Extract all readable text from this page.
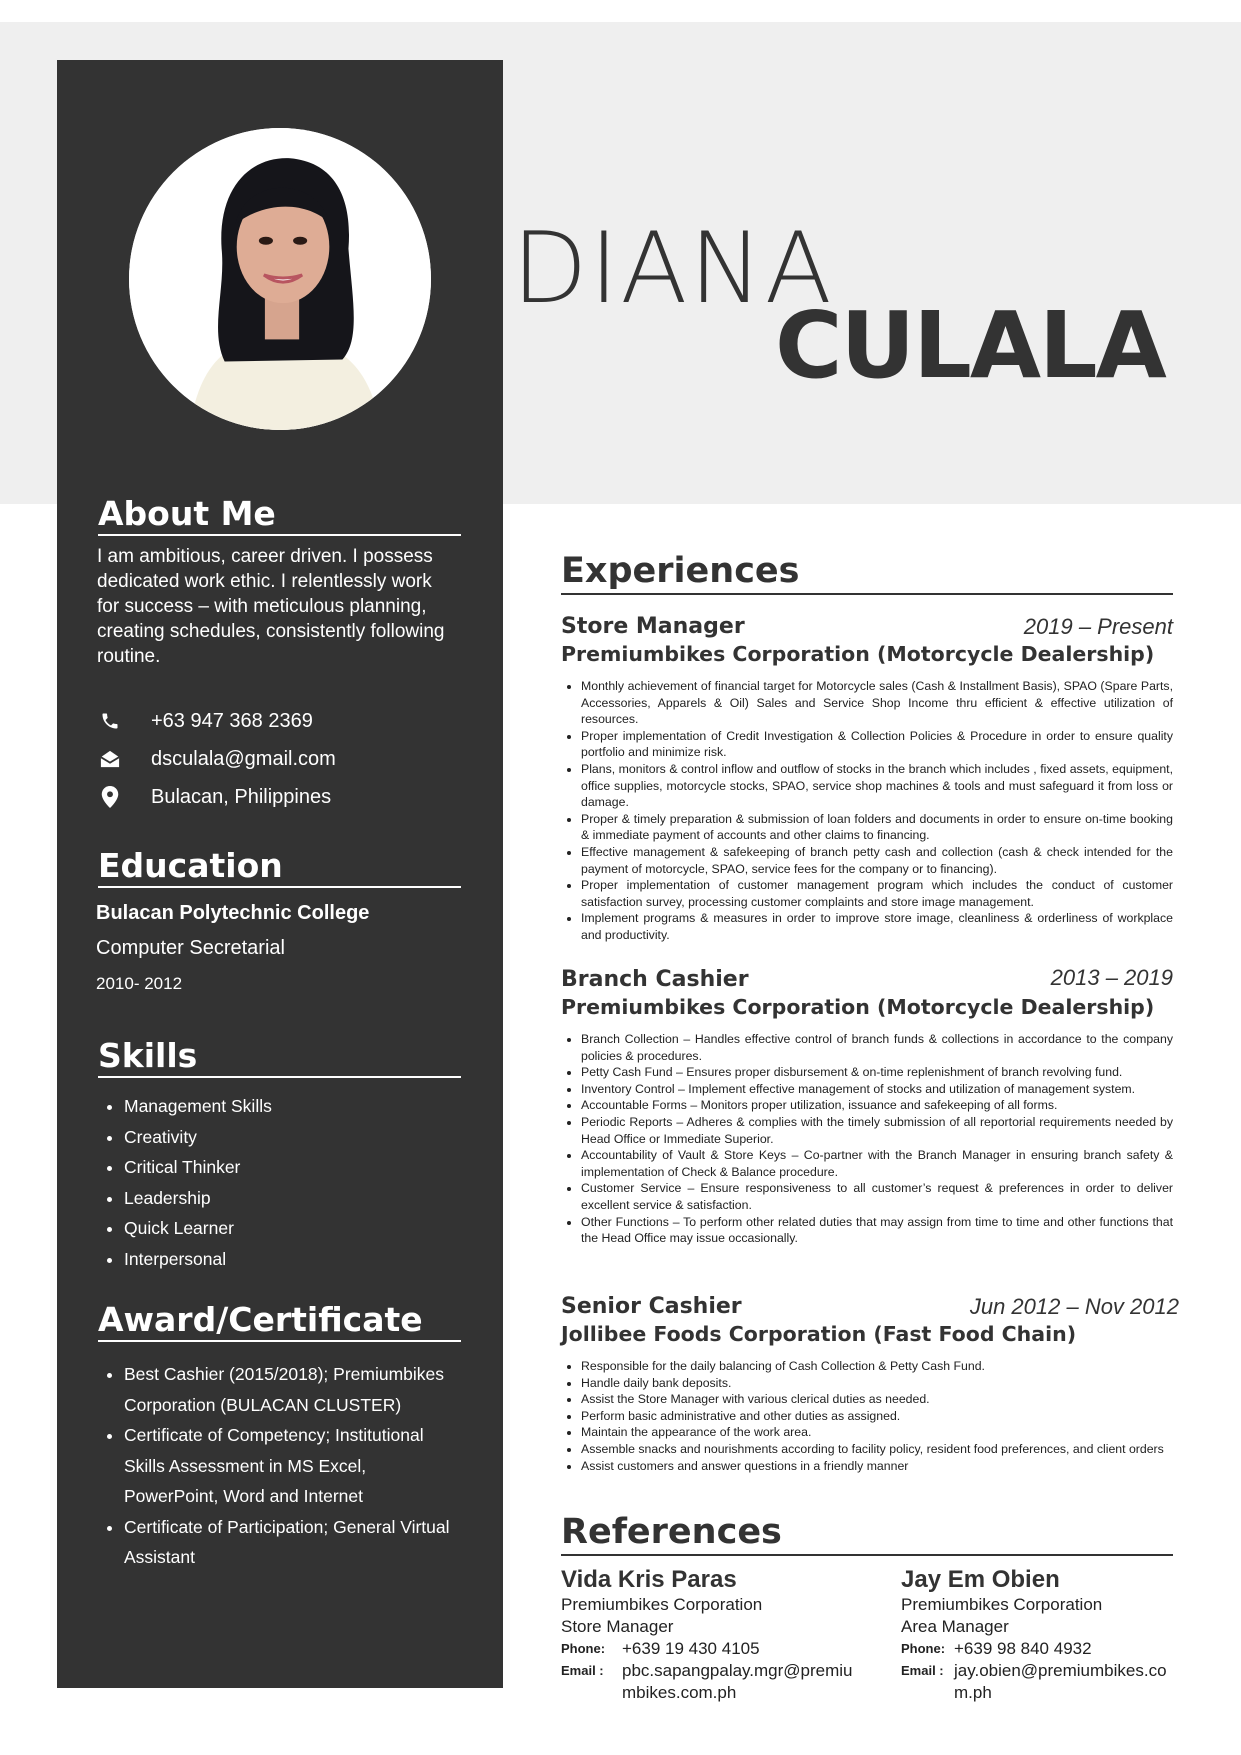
DIANA
CULALA
About Me
I am ambitious, career driven. I possess dedicated work ethic. I relentlessly work for success – with meticulous planning, creating schedules, consistently following routine.
+63 947 368 2369
dsculala@gmail.com
Bulacan, Philippines
Education
Bulacan Polytechnic College
Computer Secretarial
2010- 2012
Skills
• Management Skills
• Creativity
• Critical Thinker
• Leadership
• Quick Learner
• Interpersonal
Award/Certificate
• Best Cashier (2015/2018); Premiumbikes Corporation (BULACAN CLUSTER)
• Certificate of Competency; Institutional Skills Assessment in MS Excel, PowerPoint, Word and Internet
• Certificate of Participation; General Virtual Assistant
Experiences
Store Manager	2019 – Present
Premiumbikes Corporation (Motorcycle Dealership)
• Monthly achievement of financial target for Motorcycle sales (Cash & Installment Basis), SPAO (Spare Parts, Accessories, Apparels & Oil) Sales and Service Shop Income thru efficient & effective utilization of resources.
• Proper implementation of Credit Investigation & Collection Policies & Procedure in order to ensure quality portfolio and minimize risk.
• Plans, monitors & control inflow and outflow of stocks in the branch which includes , fixed assets, equipment, office supplies, motorcycle stocks, SPAO, service shop machines & tools and must safeguard it from loss or damage.
• Proper & timely preparation & submission of loan folders and documents in order to ensure on-time booking & immediate payment of accounts and other claims to financing.
• Effective management & safekeeping of branch petty cash and collection (cash & check intended for the payment of motorcycle, SPAO, service fees for the company or to financing).
• Proper implementation of customer management program which includes the conduct of customer satisfaction survey, processing customer complaints and store image management.
• Implement programs & measures in order to improve store image, cleanliness & orderliness of workplace and productivity.
Branch Cashier	2013 – 2019
Premiumbikes Corporation (Motorcycle Dealership)
• Branch Collection – Handles effective control of branch funds & collections in accordance to the company policies & procedures.
• Petty Cash Fund – Ensures proper disbursement & on-time replenishment of branch revolving fund.
• Inventory Control – Implement effective management of stocks and utilization of management system.
• Accountable Forms – Monitors proper utilization, issuance and safekeeping of all forms.
• Periodic Reports – Adheres & complies with the timely submission of all reportorial requirements needed by Head Office or Immediate Superior.
• Accountability of Vault & Store Keys – Co-partner with the Branch Manager in ensuring branch safety & implementation of Check & Balance procedure.
• Customer Service – Ensure responsiveness to all customer’s request & preferences in order to deliver excellent service & satisfaction.
• Other Functions – To perform other related duties that may assign from time to time and other functions that the Head Office may issue occasionally.
Senior Cashier	Jun 2012 – Nov 2012
Jollibee Foods Corporation (Fast Food Chain)
• Responsible for the daily balancing of Cash Collection & Petty Cash Fund.
• Handle daily bank deposits.
• Assist the Store Manager with various clerical duties as needed.
• Perform basic administrative and other duties as assigned.
• Maintain the appearance of the work area.
• Assemble snacks and nourishments according to facility policy, resident food preferences, and client orders
• Assist customers and answer questions in a friendly manner
References
Vida Kris Paras
Premiumbikes Corporation
Store Manager
Phone: +639 19 430 4105
Email :	pbc.sapangpalay.mgr@premiumbikes.com.ph
Jay Em Obien
Premiumbikes Corporation
Area Manager
Phone: +639 98 840 4932
Email : jay.obien@premiumbikes.com.ph
